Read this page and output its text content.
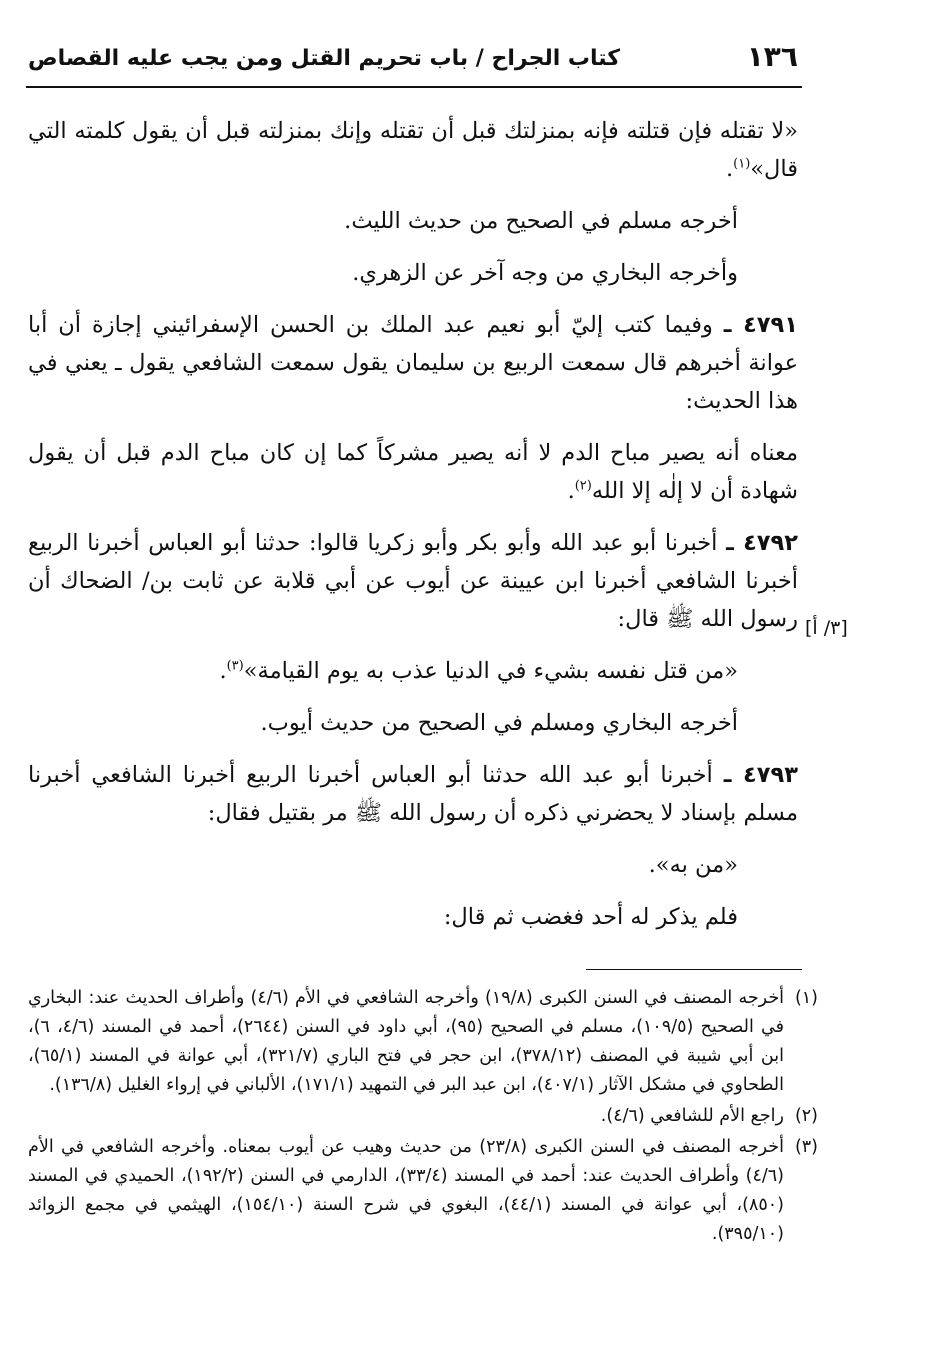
١٣٦
كتاب الجراح / باب تحريم القتل ومن يجب عليه القصاص

«لا تقتله فإن قتلته فإنه بمنزلتك قبل أن تقتله وإنك بمنزلته قبل أن يقول كلمته التي قال»$^{(١)}$.

أخرجه مسلم في الصحيح من حديث الليث.

وأخرجه البخاري من وجه آخر عن الزهري.

٤٧٩١ ـ وفيما كتب إليّ أبو نعيم عبد الملك بن الحسن الإسفرائيني إجازة أن أبا عوانة أخبرهم قال سمعت الربيع بن سليمان يقول سمعت الشافعي يقول ـ يعني في هذا الحديث:

معناه أنه يصير مباح الدم لا أنه يصير مشركاً كما إن كان مباح الدم قبل أن يقول شهادة أن لا إلٰه إلا الله$^{(٢)}$.

٤٧٩٢ ـ أخبرنا أبو عبد الله وأبو بكر وأبو زكريا قالوا: حدثنا أبو العباس أخبرنا الربيع أخبرنا الشافعي أخبرنا ابن عيينة عن أيوب عن أبي قلابة عن ثابت بن/ الضحاك أن رسول الله ﷺ قال:

«من قتل نفسه بشيء في الدنيا عذب به يوم القيامة»$^{(٣)}$.

أخرجه البخاري ومسلم في الصحيح من حديث أيوب.

٤٧٩٣ ـ أخبرنا أبو عبد الله حدثنا أبو العباس أخبرنا الربيع أخبرنا الشافعي أخبرنا مسلم بإسناد لا يحضرني ذكره أن رسول الله ﷺ مر بقتيل فقال:

«من به».

فلم يذكر له أحد فغضب ثم قال:

[٣/ أ]
(١)
أخرجه المصنف في السنن الكبرى (١٩/٨) وأخرجه الشافعي في الأم (٤/٦) وأطراف الحديث عند: البخاري في الصحيح (١٠٩/٥)، مسلم في الصحيح (٩٥)، أبي داود في السنن (٢٦٤٤)، أحمد في المسند (٤/٦، ٦)، ابن أبي شيبة في المصنف (٣٧٨/١٢)، ابن حجر في فتح الباري (٣٢١/٧)، أبي عوانة في المسند (٦٥/١)، الطحاوي في مشكل الآثار (٤٠٧/١)، ابن عبد البر في التمهيد (١٧١/١)، الألباني في إرواء الغليل (١٣٦/٨).
(٢)
راجع الأم للشافعي (٤/٦).
(٣)
أخرجه المصنف في السنن الكبرى (٢٣/٨) من حديث وهيب عن أيوب بمعناه. وأخرجه الشافعي في الأم (٤/٦) وأطراف الحديث عند: أحمد في المسند (٣٣/٤)، الدارمي في السنن (١٩٢/٢)، الحميدي في المسند (٨٥٠)، أبي عوانة في المسند (٤٤/١)، البغوي في شرح السنة (١٥٤/١٠)، الهيثمي في مجمع الزوائد (٣٩٥/١٠).
